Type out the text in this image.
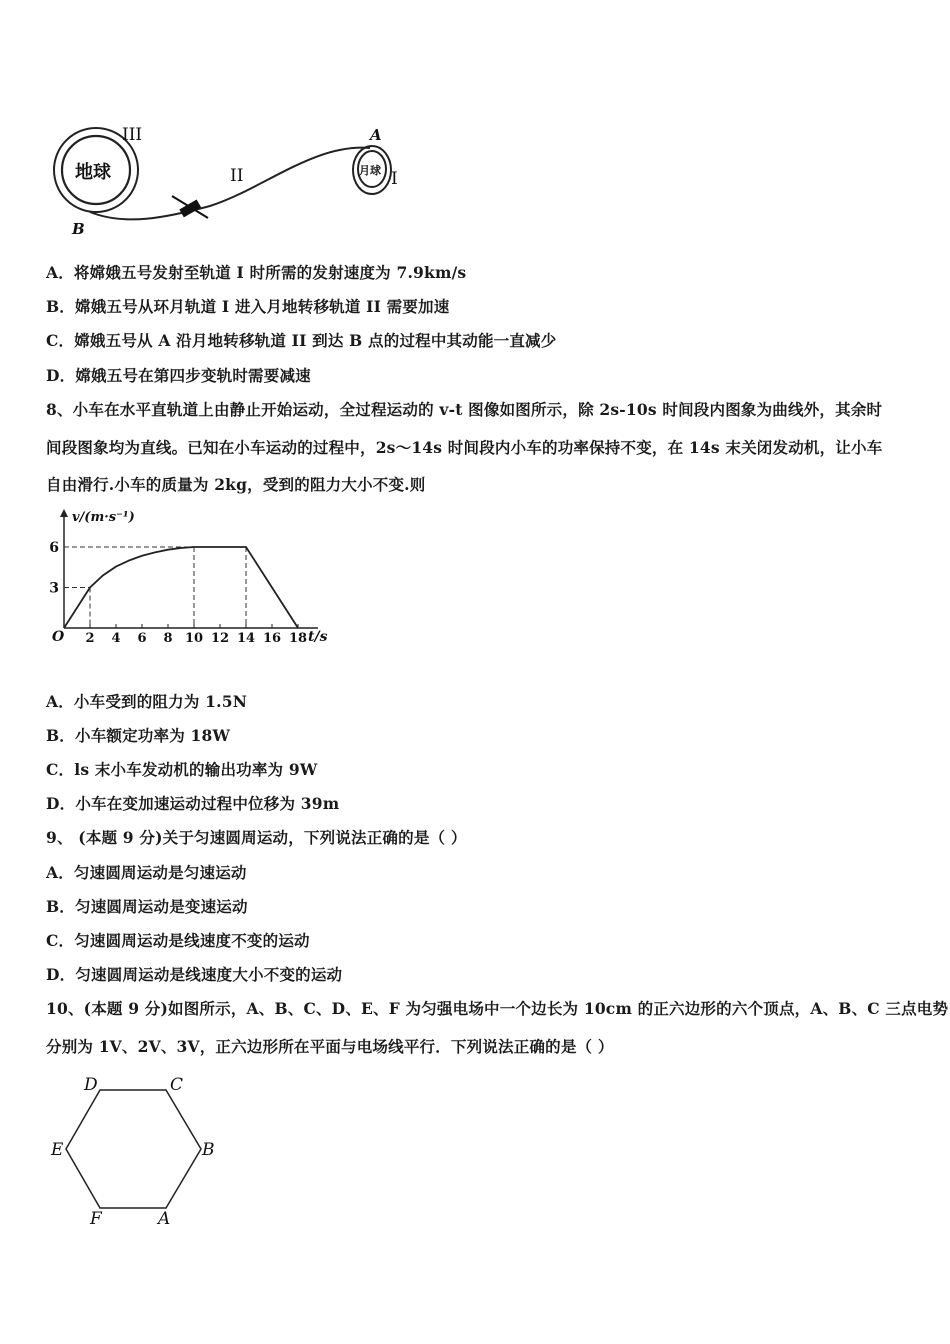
地球
III
II	月球 I
A
B
A．将嫦娥五号发射至轨道 I 时所需的发射速度为 7.9km/s
B．嫦娥五号从环月轨道 I 进入月地转移轨道 II 需要加速
C．嫦娥五号从 A 沿月地转移轨道 II 到达 B 点的过程中其动能一直减少
D．嫦娥五号在第四步变轨时需要减速
8、小车在水平直轨道上由静止开始运动，全过程运动的 v-t 图像如图所示，除 2s-10s 时间段内图象为曲线外，其余时
间段图象均为直线。已知在小车运动的过程中，2s～14s 时间段内小车的功率保持不变，在 14s 末关闭发动机，让小车
自由滑行.小车的质量为 2kg，受到的阻力大小不变.则
v/(m·s⁻¹)
t/s
O 2 4 6 8 10 12 14 16 18
3
6
A．小车受到的阻力为 1.5N
B．小车额定功率为 18W
C．ls 末小车发动机的输出功率为 9W
D．小车在变加速运动过程中位移为 39m
9、 (本题 9 分)关于匀速圆周运动，下列说法正确的是（ ）
A．匀速圆周运动是匀速运动
B．匀速圆周运动是变速运动
C．匀速圆周运动是线速度不变的运动
D．匀速圆周运动是线速度大小不变的运动
10、(本题 9 分)如图所示，A、B、C、D、E、F 为匀强电场中一个边长为 10cm 的正六边形的六个顶点，A、B、C 三点电势
分别为 1V、2V、3V，正六边形所在平面与电场线平行．下列说法正确的是（ ）
A
B
C
D
E
F
